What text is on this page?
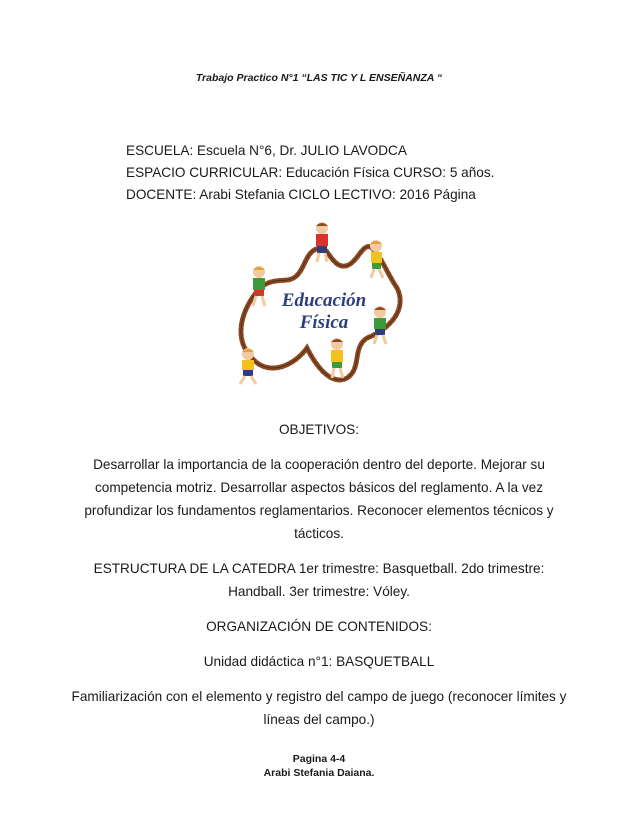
Trabajo Practico N°1 “LAS TIC Y L ENSEÑANZA “
ESCUELA: Escuela N°6, Dr. JULIO LAVODCA
ESPACIO CURRICULAR: Educación Física CURSO: 5 años.
DOCENTE: Arabi Stefania CICLO LECTIVO: 2016 Página
Educación
Física
OBJETIVOS:
Desarrollar la importancia de la cooperación dentro del deporte. Mejorar su
competencia motriz. Desarrollar aspectos básicos del reglamento. A la vez
profundizar los fundamentos reglamentarios. Reconocer elementos técnicos y
tácticos.
ESTRUCTURA DE LA CATEDRA 1er trimestre: Basquetball. 2do trimestre:
Handball. 3er trimestre: Vóley.
ORGANIZACIÓN DE CONTENIDOS:
Unidad didáctica n°1: BASQUETBALL
Familiarización con el elemento y registro del campo de juego (reconocer límites y
líneas del campo.)
Pagina 4-4
Arabi Stefania Daiana.
